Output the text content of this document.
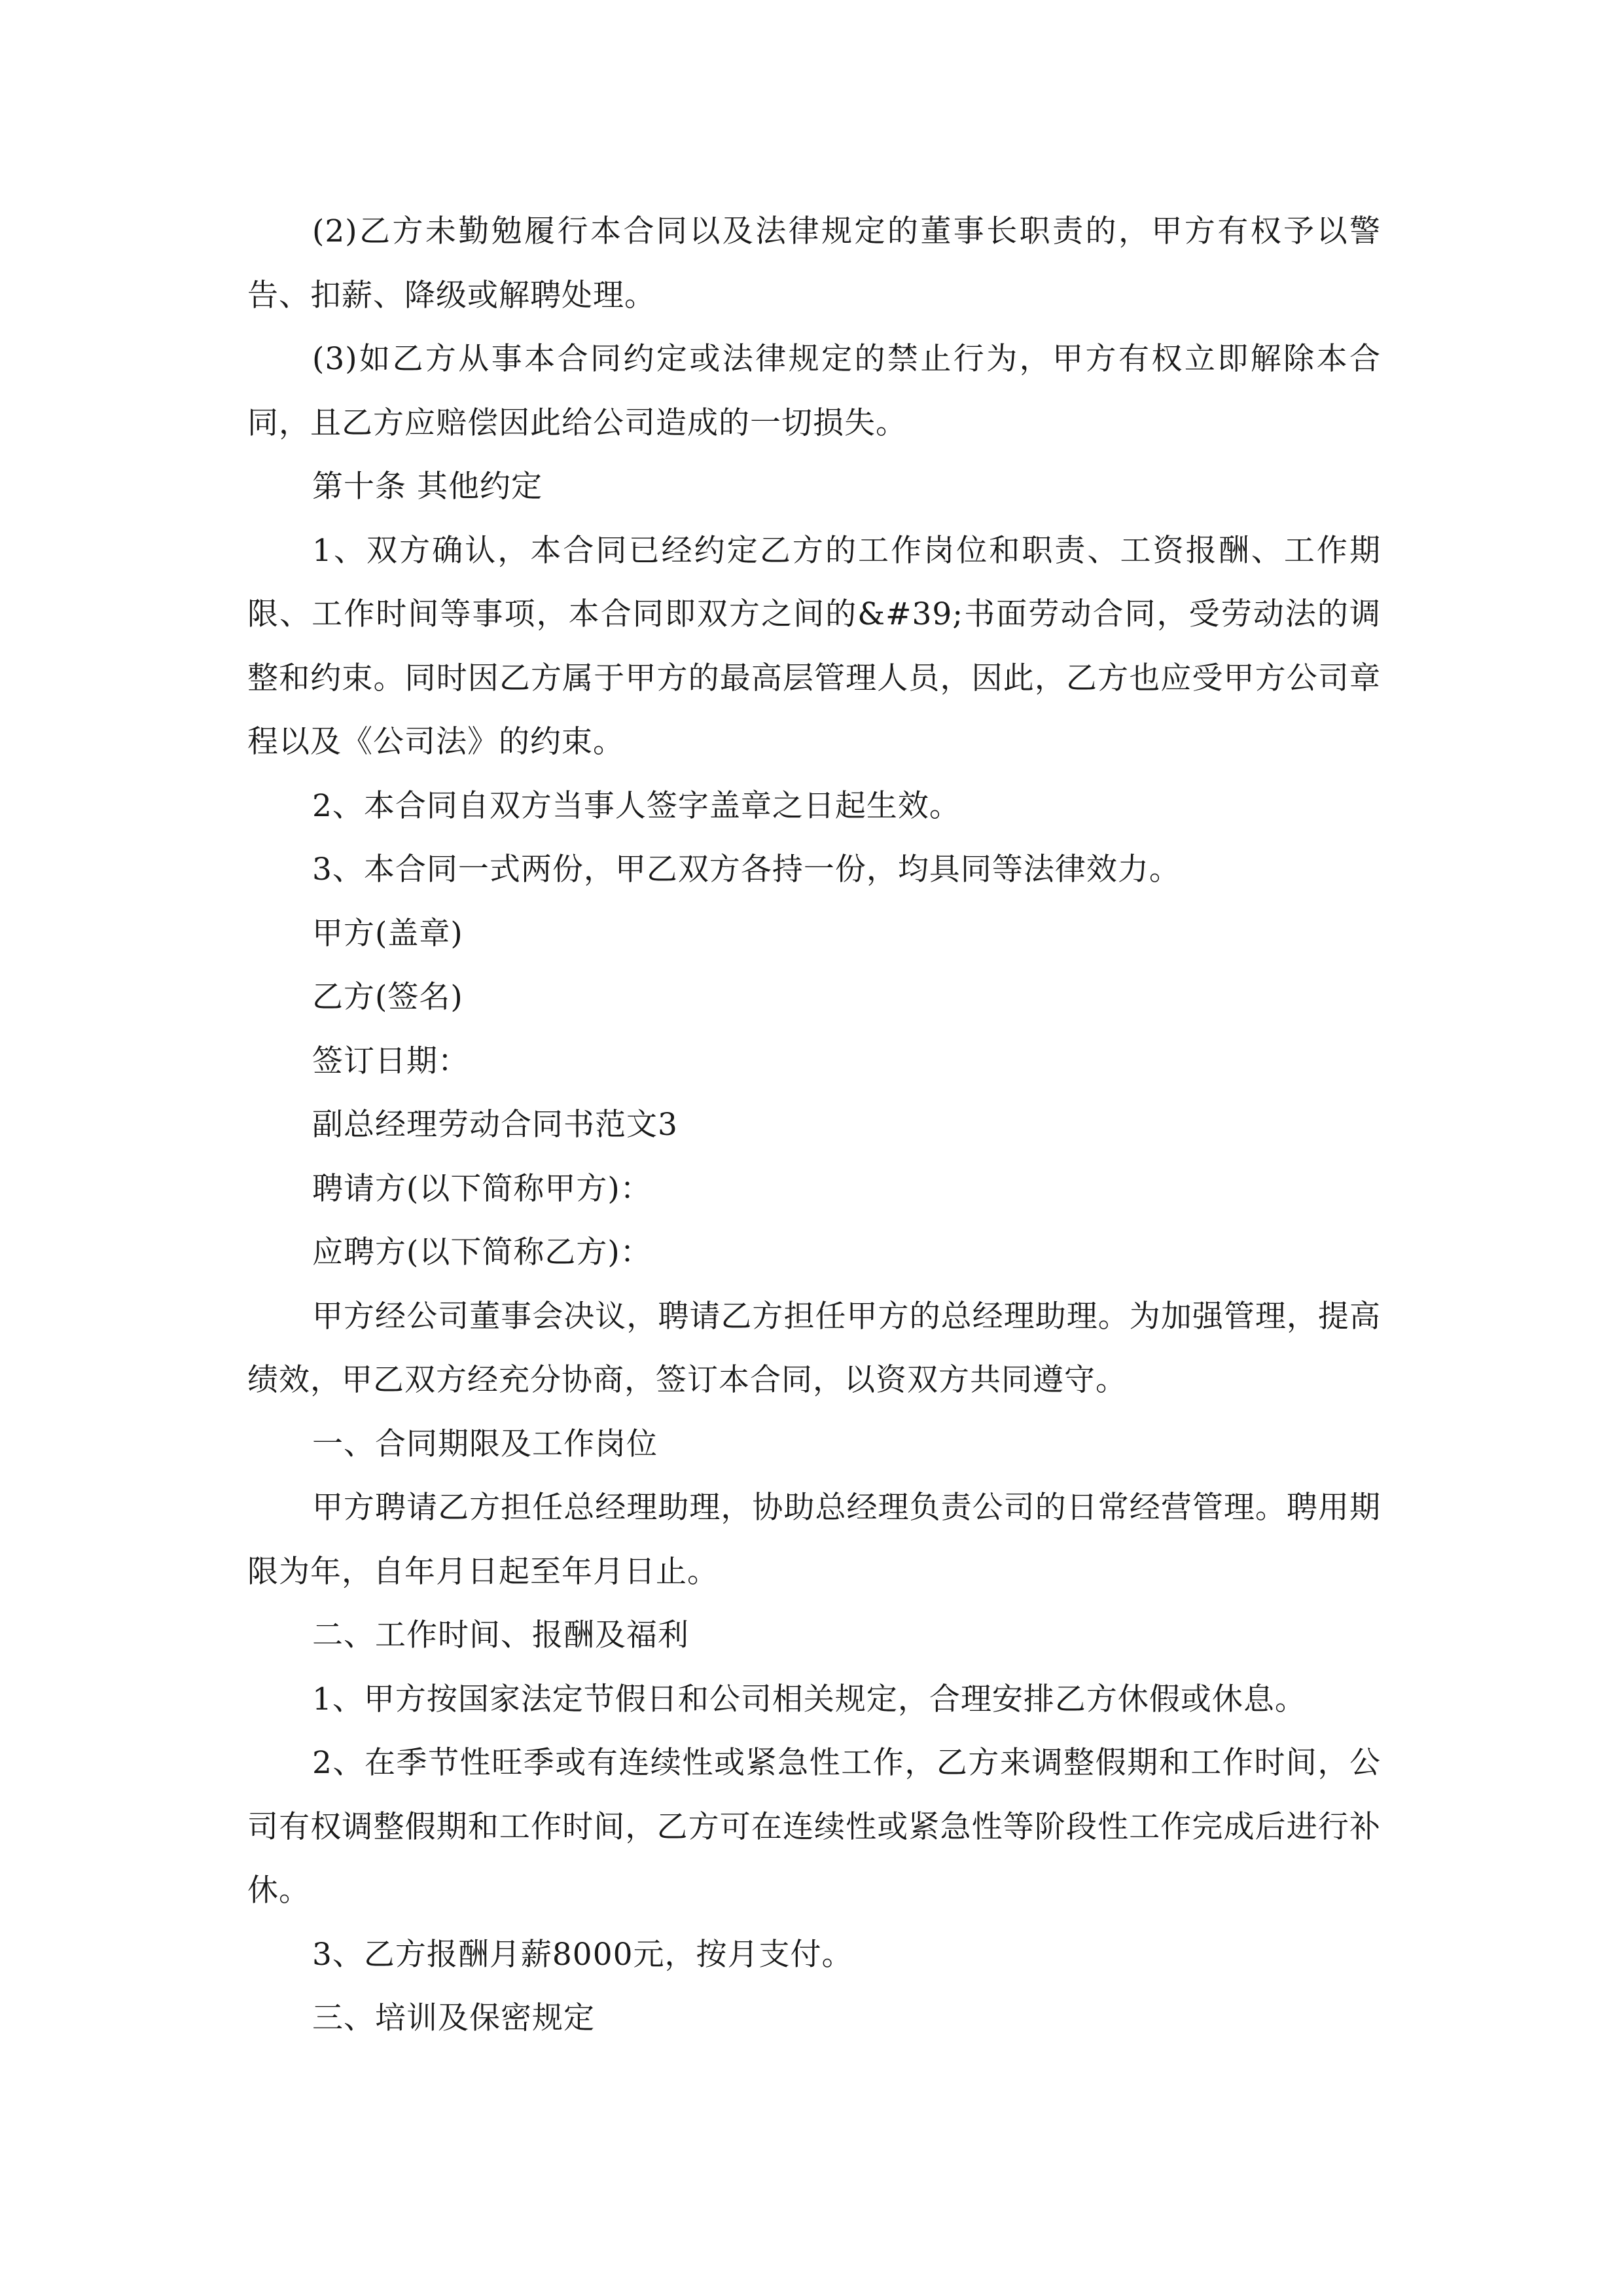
(2)乙方未勤勉履行本合同以及法律规定的董事长职责的，甲方有权予以警告、扣薪、降级或解聘处理。

(3)如乙方从事本合同约定或法律规定的禁止行为，甲方有权立即解除本合同，且乙方应赔偿因此给公司造成的一切损失。

第十条 其他约定

1、双方确认，本合同已经约定乙方的工作岗位和职责、工资报酬、工作期限、工作时间等事项，本合同即双方之间的&#39;书面劳动合同，受劳动法的调整和约束。同时因乙方属于甲方的最高层管理人员，因此，乙方也应受甲方公司章程以及《公司法》的约束。

2、本合同自双方当事人签字盖章之日起生效。

3、本合同一式两份，甲乙双方各持一份，均具同等法律效力。

甲方(盖章)

乙方(签名)

签订日期：

副总经理劳动合同书范文3

聘请方(以下简称甲方)：

应聘方(以下简称乙方)：

甲方经公司董事会决议，聘请乙方担任甲方的总经理助理。为加强管理，提高绩效，甲乙双方经充分协商，签订本合同，以资双方共同遵守。

一、合同期限及工作岗位

甲方聘请乙方担任总经理助理，协助总经理负责公司的日常经营管理。聘用期限为年，自年月日起至年月日止。

二、工作时间、报酬及福利

1、甲方按国家法定节假日和公司相关规定，合理安排乙方休假或休息。

2、在季节性旺季或有连续性或紧急性工作，乙方来调整假期和工作时间，公司有权调整假期和工作时间，乙方可在连续性或紧急性等阶段性工作完成后进行补休。

3、乙方报酬月薪8000元，按月支付。

三、培训及保密规定
